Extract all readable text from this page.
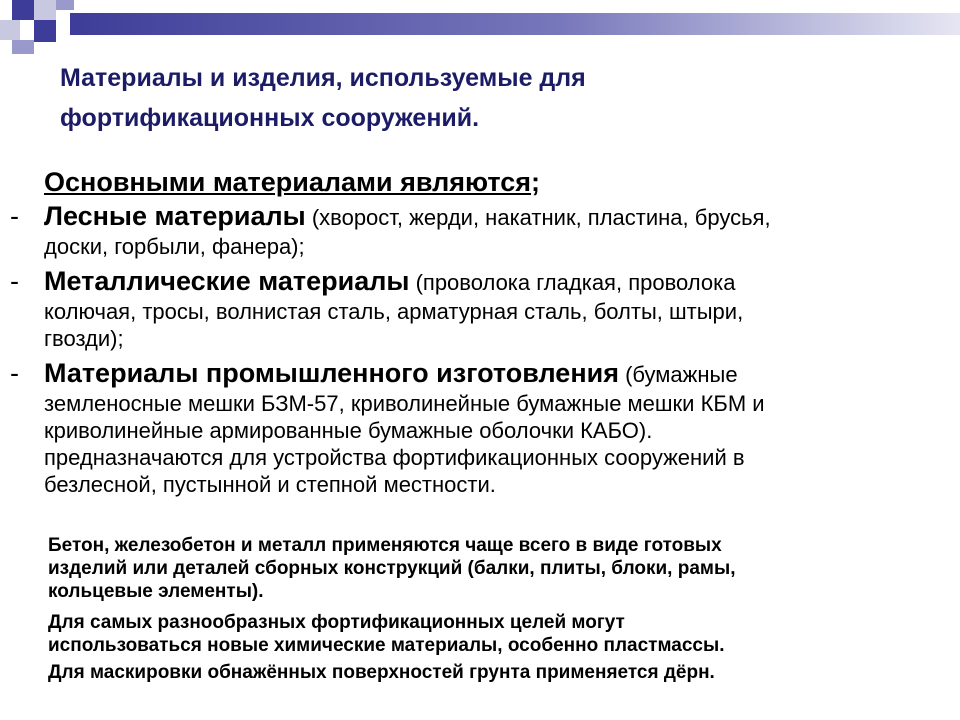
Материалы и изделия, используемые для
фортификационных сооружений.
Основными материалами являются;
- Лесные материалы (хворост, жерди, накатник, пластина, брусья,
доски, горбыли, фанера);
- Металлические материалы (проволока гладкая, проволока
колючая, тросы, волнистая сталь, арматурная сталь, болты, штыри,
гвозди);
- Материалы промышленного изготовления (бумажные
земленосные мешки БЗМ-57, криволинейные бумажные мешки КБМ и
криволинейные армированные бумажные оболочки КАБО).
предназначаются для устройства фортификационных сооружений в
безлесной, пустынной и степной местности.
Бетон, железобетон и металл применяются чаще всего в виде готовых
изделий или деталей сборных конструкций (балки, плиты, блоки, рамы,
кольцевые элементы).
Для самых разнообразных фортификационных целей могут
использоваться новые химические материалы, особенно пластмассы.
Для маскировки обнажённых поверхностей грунта применяется дёрн.
